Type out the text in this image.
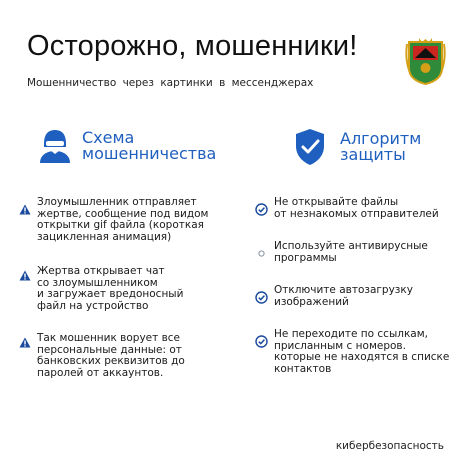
Осторожно, мошенники!
Мошенничество через картинки в мессенджерах
Схема
мошенничества
Алгоритм
защиты
Злоумышленник отправляет
жертве, сообщение под видом
открытки gif файла (короткая
зацикленная анимация)
Жертва открывает чат
со злоумышленником
и загружает вредоносный
файл на устройство
Так мошенник ворует все
персональные данные: от
банковских реквизитов до
паролей от аккаунтов.
Не открывайте файлы
от незнакомых отправителей
Используйте антивирусные
программы
Отключите автозагрузку
изображений
Не переходите по ссылкам,
присланным с номеров.
которые не находятся в списке
контактов
кибербезопасность
